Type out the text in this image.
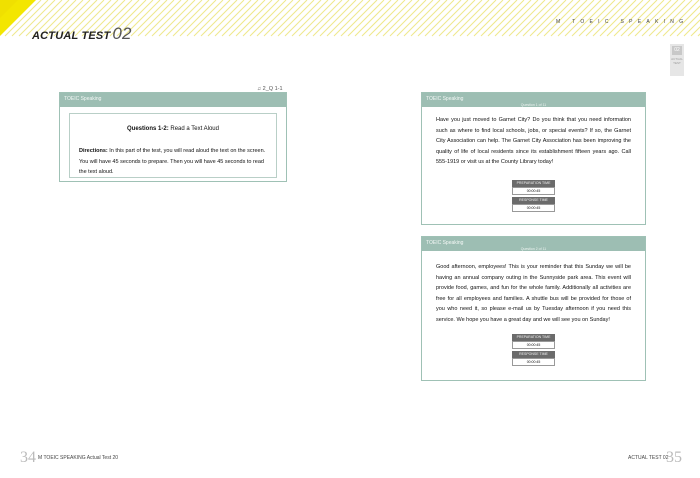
ACTUAL TEST 02
M TOEIC SPEAKING
02
ACTUAL TEST
♫ 2_Q 1-1
TOEIC Speaking
Questions 1-2: Read a Text Aloud
Directions: In this part of the test, you will read aloud the text on the screen. You will have 45 seconds to prepare. Then you will have 45 seconds to read the text aloud.
TOEIC Speaking
Question 1 of 11
Have you just moved to Garnet City? Do you think that you need information such as where to find local schools, jobs, or special events? If so, the Garnet City Association can help. The Garnet City Association has been improving the quality of life of local residents since its establishment fifteen years ago. Call 555-1919 or visit us at the County Library today!
PREPARATION TIME
00:00:45
RESPONSE TIME
00:00:45
TOEIC Speaking
Question 2 of 11
Good afternoon, employees! This is your reminder that this Sunday we will be having an annual company outing in the Sunnyside park area. This event will provide food, games, and fun for the whole family. Additionally all activities are free for all employees and families. A shuttle bus will be provided for those of you who need it, so please e-mail us by Tuesday afternoon if you need this service. We hope you have a great day and we will see you on Sunday!
PREPARATION TIME
00:00:45
RESPONSE TIME
00:00:45
34 M TOEIC SPEAKING Actual Test 20	ACTUAL TEST 02
35
